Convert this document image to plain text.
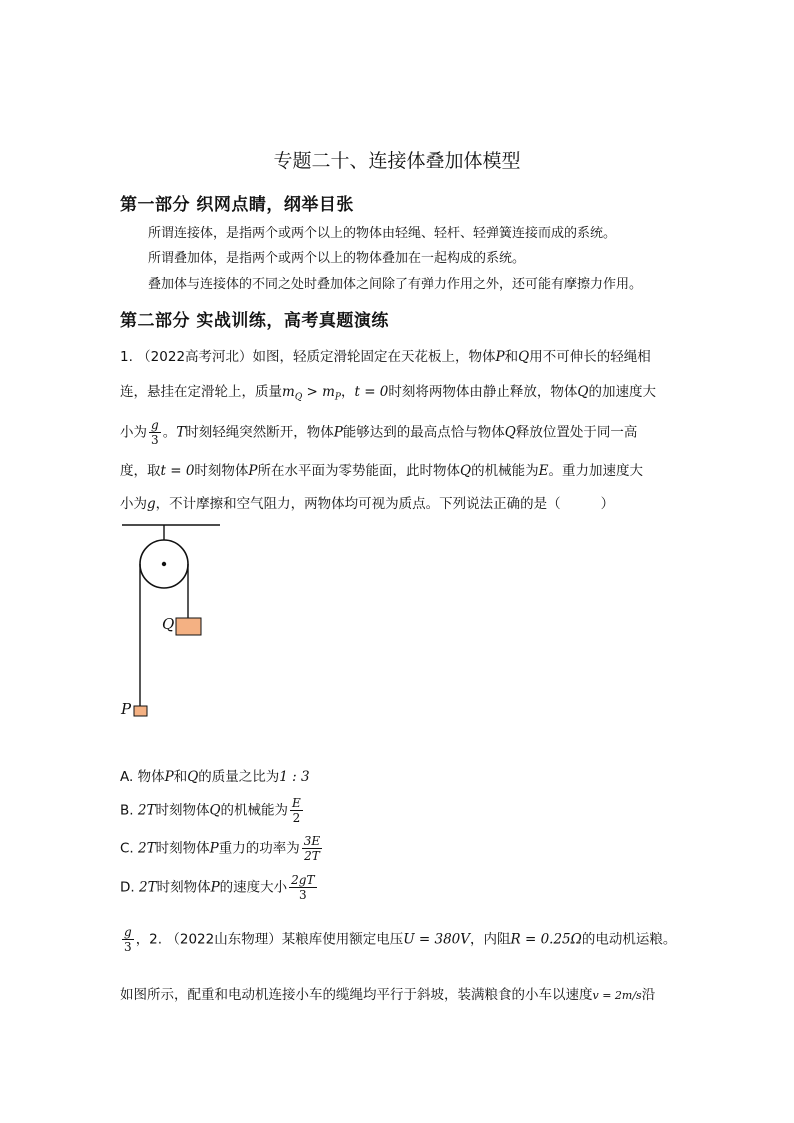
专题二十、连接体叠加体模型
第一部分 织网点睛，纲举目张
所谓连接体，是指两个或两个以上的物体由轻绳、轻杆、轻弹簧连接而成的系统。
所谓叠加体，是指两个或两个以上的物体叠加在一起构成的系统。
叠加体与连接体的不同之处时叠加体之间除了有弹力作用之外，还可能有摩擦力作用。
第二部分 实战训练，高考真题演练
1. （2022高考河北）如图，轻质定滑轮固定在天花板上，物体P和Q用不可伸长的轻绳相
连，悬挂在定滑轮上，质量$m_Q > m_P$，t = 0时刻将两物体由静止释放，物体Q的加速度大
小为 $\frac{g}{3}$ 。T时刻轻绳突然断开，物体P能够达到的最高点恰与物体Q释放位置处于同一高
度，取t = 0时刻物体P所在水平面为零势能面，此时物体Q的机械能为E。重力加速度大
小为g，不计摩擦和空气阻力，两物体均可视为质点。下列说法正确的是（	）
Q
P
A. 物体P和Q的质量之比为1 : 3
B. 2T时刻物体Q的机械能为 $\frac{E}{2}$
C. 2T时刻物体P重力的功率为 $\frac{3E}{2T}$
D. 2T时刻物体P的速度大小 $\frac{2gT}{3}$
$\frac{g}{3}$ ，2. （2022山东物理）某粮库使用额定电压U = 380V，内阻R = 0.25Ω的电动机运粮。
如图所示，配重和电动机连接小车的缆绳均平行于斜坡，装满粮食的小车以速度v = 2m/s沿
